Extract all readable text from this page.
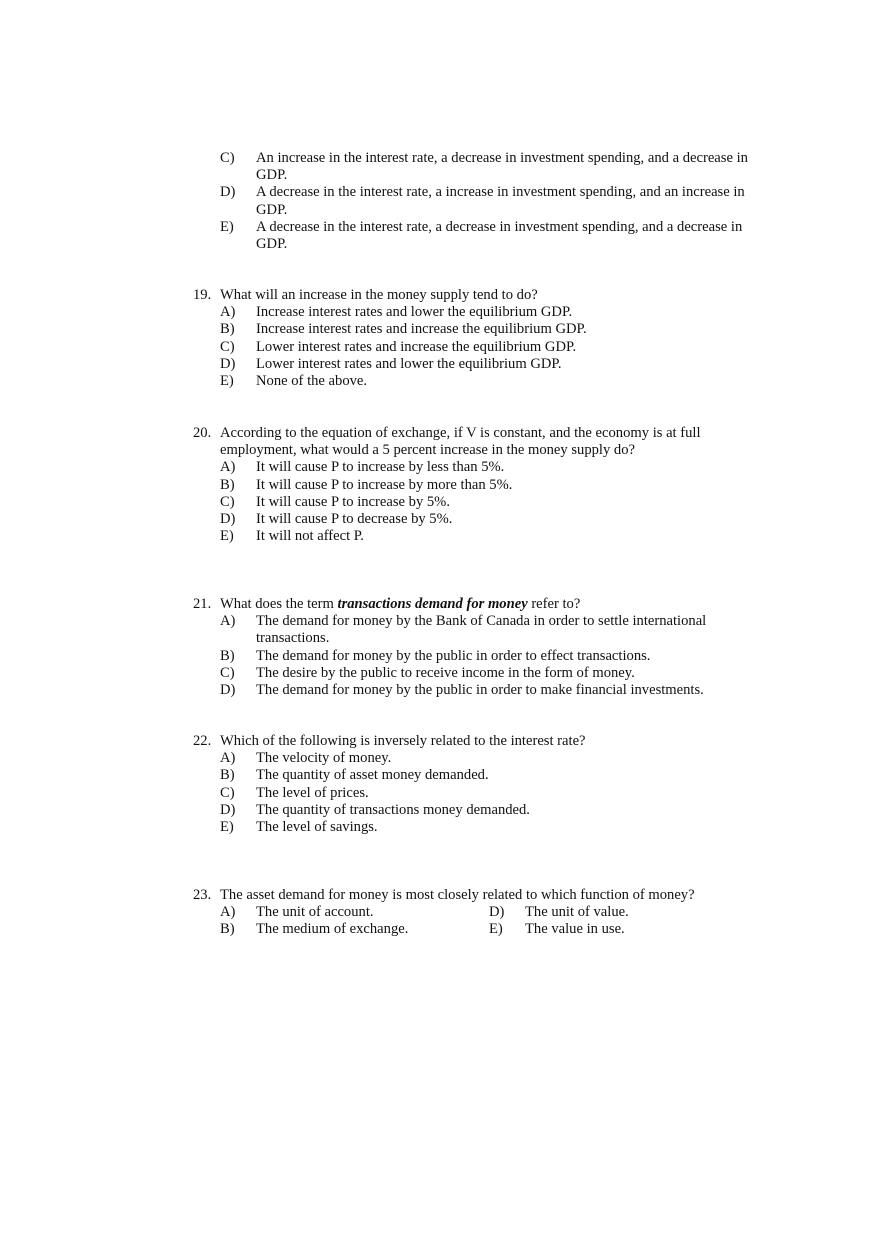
C) An increase in the interest rate, a decrease in investment spending, and a decrease in GDP.
D) A decrease in the interest rate, a increase in investment spending, and an increase in GDP.
E) A decrease in the interest rate, a decrease in investment spending, and a decrease in GDP.
19. What will an increase in the money supply tend to do?
A) Increase interest rates and lower the equilibrium GDP.
B) Increase interest rates and increase the equilibrium GDP.
C) Lower interest rates and increase the equilibrium GDP.
D) Lower interest rates and lower the equilibrium GDP.
E) None of the above.
20. According to the equation of exchange, if V is constant, and the economy is at full employment, what would a 5 percent increase in the money supply do?
A) It will cause P to increase by less than 5%.
B) It will cause P to increase by more than 5%.
C) It will cause P to increase by 5%.
D) It will cause P to decrease by 5%.
E) It will not affect P.
21. What does the term transactions demand for money refer to?
A) The demand for money by the Bank of Canada in order to settle international transactions.
B) The demand for money by the public in order to effect transactions.
C) The desire by the public to receive income in the form of money.
D) The demand for money by the public in order to make financial investments.
22. Which of the following is inversely related to the interest rate?
A) The velocity of money.
B) The quantity of asset money demanded.
C) The level of prices.
D) The quantity of transactions money demanded.
E) The level of savings.
23. The asset demand for money is most closely related to which function of money?
A) The unit of account.
B) The medium of exchange.
D) The unit of value.
E) The value in use.
